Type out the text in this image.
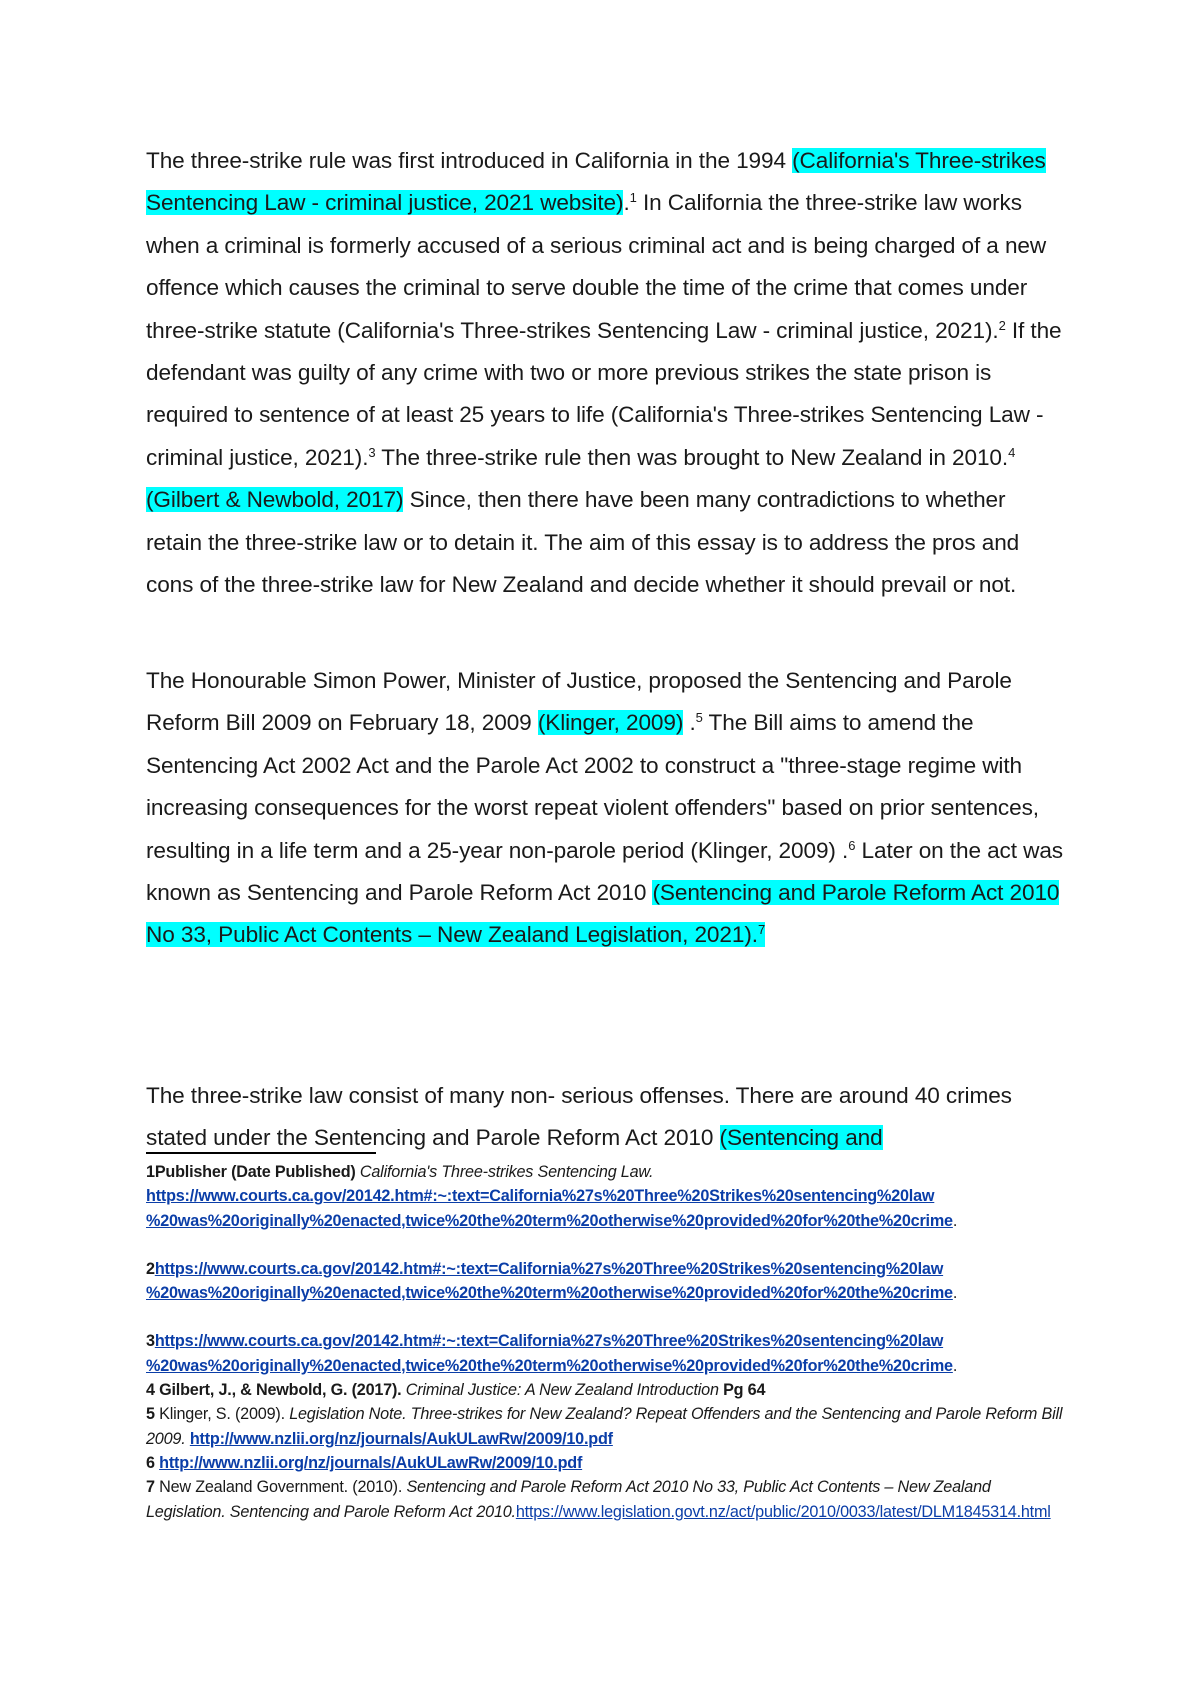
The three-strike rule was first introduced in California in the 1994 (California's Three-strikes Sentencing Law - criminal justice, 2021 website).$^1$ In California the three-strike law works when a criminal is formerly accused of a serious criminal act and is being charged of a new offence which causes the criminal to serve double the time of the crime that comes under three-strike statute (California's Three-strikes Sentencing Law - criminal justice, 2021).$^2$ If the defendant was guilty of any crime with two or more previous strikes the state prison is required to sentence of at least 25 years to life (California's Three-strikes Sentencing Law - criminal justice, 2021).$^3$ The three-strike rule then was brought to New Zealand in 2010.$^4$ (Gilbert & Newbold, 2017) Since, then there have been many contradictions to whether retain the three-strike law or to detain it. The aim of this essay is to address the pros and cons of the three-strike law for New Zealand and decide whether it should prevail or not.

The Honourable Simon Power, Minister of Justice, proposed the Sentencing and Parole Reform Bill 2009 on February 18, 2009 (Klinger, 2009) .$^5$ The Bill aims to amend the Sentencing Act 2002 Act and the Parole Act 2002 to construct a "three-stage regime with increasing consequences for the worst repeat violent offenders" based on prior sentences, resulting in a life term and a 25-year non-parole period (Klinger, 2009) .$^6$ Later on the act was known as Sentencing and Parole Reform Act 2010 (Sentencing and Parole Reform Act 2010 No 33, Public Act Contents – New Zealand Legislation, 2021).$^7$

The three-strike law consist of many non- serious offenses. There are around 40 crimes stated under the Sentencing and Parole Reform Act 2010 (Sentencing and

1Publisher (Date Published) California's Three-strikes Sentencing Law.
https://www.courts.ca.gov/20142.htm#:~:text=California%27s%20Three%20Strikes%20sentencing%20law
%20was%20originally%20enacted,twice%20the%20term%20otherwise%20provided%20for%20the%20crime.

2https://www.courts.ca.gov/20142.htm#:~:text=California%27s%20Three%20Strikes%20sentencing%20law
%20was%20originally%20enacted,twice%20the%20term%20otherwise%20provided%20for%20the%20crime.

3https://www.courts.ca.gov/20142.htm#:~:text=California%27s%20Three%20Strikes%20sentencing%20law
%20was%20originally%20enacted,twice%20the%20term%20otherwise%20provided%20for%20the%20crime.

4 Gilbert, J., & Newbold, G. (2017). Criminal Justice: A New Zealand Introduction Pg 64

5 Klinger, S. (2009). Legislation Note. Three-strikes for New Zealand? Repeat Offenders and the Sentencing and Parole Reform Bill 2009. http://www.nzlii.org/nz/journals/AukULawRw/2009/10.pdf

6 http://www.nzlii.org/nz/journals/AukULawRw/2009/10.pdf

7 New Zealand Government. (2010). Sentencing and Parole Reform Act 2010 No 33, Public Act Contents – New Zealand Legislation. Sentencing and Parole Reform Act 2010.https://www.legislation.govt.nz/act/public/2010/0033/latest/DLM1845314.html
